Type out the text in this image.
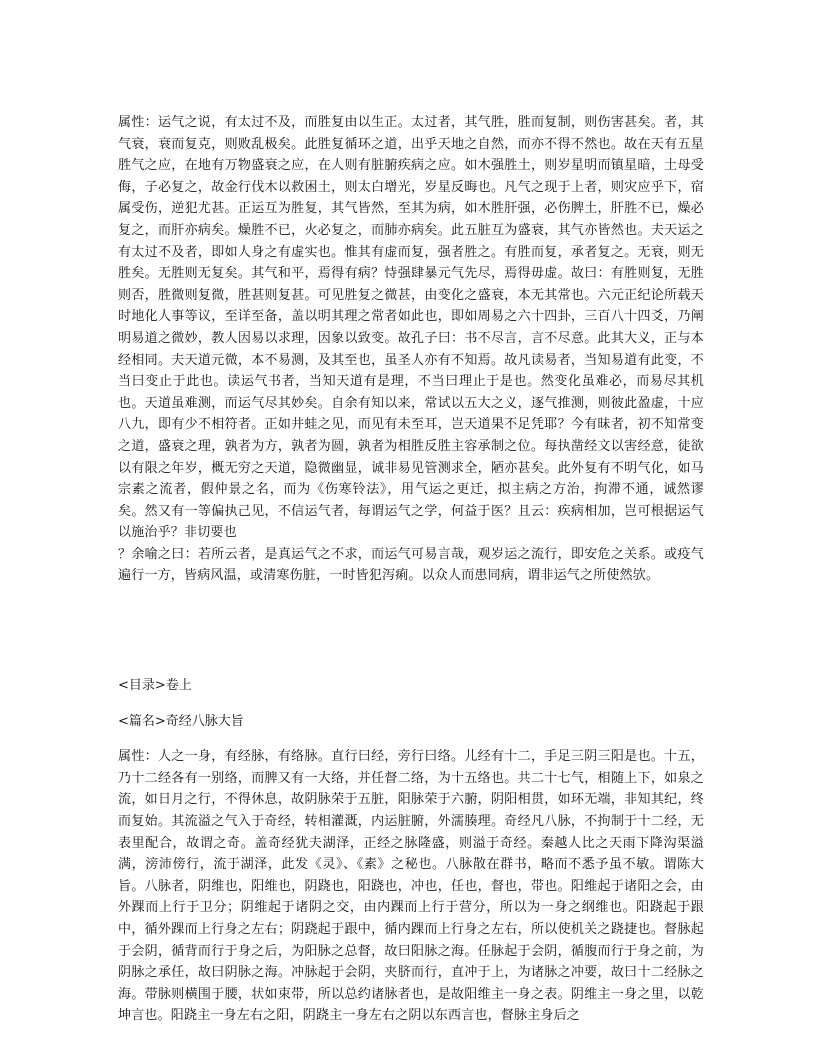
属性：运气之说，有太过不及，而胜复由以生正。太过者，其气胜，胜而复制，则伤害甚矣。者，其气衰，衰而复克，则败乱极矣。此胜复循环之道，出乎天地之自然，而亦不得不然也。故在天有五星胜气之应，在地有万物盛衰之应，在人则有脏腑疾病之应。如木强胜土，则岁星明而镇星暗，土母受侮，子必复之，故金行伐木以救困土，则太白增光，岁星反晦也。凡气之现于上者，则灾应乎下，宿属受伤，逆犯尤甚。正运互为胜复，其气皆然，至其为病，如木胜肝强，必伤脾土，肝胜不已，燥必复之，而肝亦病矣。燥胜不已，火必复之，而肺亦病矣。此五脏互为盛衰，其气亦皆然也。夫天运之有太过不及者，即如人身之有虚实也。惟其有虚而复，强者胜之。有胜而复，承者复之。无衰，则无胜矣。无胜则无复矣。其气和平，焉得有病？恃强肆暴元气先尽，焉得毋虚。故曰：有胜则复，无胜则否，胜微则复微，胜甚则复甚。可见胜复之微甚，由变化之盛衰，本无其常也。六元正纪论所载天时地化人事等议，至详至备，盖以明其理之常者如此也，即如周易之六十四卦，三百八十四爻，乃阐明易道之微妙，教人因易以求理，因象以致变。故孔子曰：书不尽言，言不尽意。此其大义，正与本经相同。夫天道元微，本不易测，及其至也，虽圣人亦有不知焉。故凡读易者，当知易道有此变，不当曰变止于此也。读运气书者，当知天道有是理，不当曰理止于是也。然变化虽难必，而易尽其机也。天道虽难测，而运气尽其妙矣。自余有知以来，常试以五大之义，逐气推测，则彼此盈虚，十应八九，即有少不相符者。正如井蛙之见，而见有未至耳，岂天道果不足凭耶？今有昧者，初不知常变之道，盛衰之理，孰者为方，孰者为圆，孰者为相胜反胜主容承制之位。每执凿经文以害经意，徒欲以有限之年岁，概无穷之天道，隐微幽显，诚非易见管测求全，陋亦甚矣。此外复有不明气化，如马宗素之流者，假仲景之名，而为《伤寒铃法》，用气运之更迁，拟主病之方治，拘滞不通，诚然谬矣。然又有一等偏执己见，不信运气者，每谓运气之学，何益于医？且云：疾病相加，岂可根据运气以施治乎？非切要也

？余喻之曰：若所云者，是真运气之不求，而运气可易言哉，观岁运之流行，即安危之关系。或疫气遍行一方，皆病风温，或清寒伤脏，一时皆犯泻痢。以众人而患同病，谓非运气之所使然欤。

<目录>卷上

<篇名>奇经八脉大旨

属性：人之一身，有经脉，有络脉。直行曰经，旁行曰络。儿经有十二，手足三阴三阳是也。十五，乃十二经各有一别络，而脾又有一大络，并任督二络，为十五络也。共二十七气，相随上下，如泉之流，如日月之行，不得休息，故阴脉荣于五脏，阳脉荣于六腑，阴阳相贯，如环无端，非知其纪，终而复始。其流溢之气入于奇经，转相灌溉，内运脏腑，外濡腠理。奇经凡八脉，不拘制于十二经，无表里配合，故谓之奇。盖奇经犹夫湖泽，正经之脉隆盛，则溢于奇经。秦越人比之天雨下降沟渠溢满，滂沛傍行，流于湖泽，此发《灵》、《素》之秘也。八脉散在群书，略而不悉予虽不敏。谓陈大旨。八脉者，阴维也，阳维也，阴跷也，阳跷也，冲也，任也，督也，带也。阳维起于诸阳之会，由外踝而上行于卫分；阴维起于诸阴之交，由内踝而上行于营分，所以为一身之纲维也。阳跷起于跟中，循外踝而上行身之左右；阴跷起于跟中，循内踝而上行身之左右，所以使机关之跷捷也。督脉起于会阴，循背而行于身之后，为阳脉之总督，故曰阳脉之海。任脉起于会阴，循腹而行于身之前，为阴脉之承任，故曰阴脉之海。冲脉起于会阴，夹脐而行，直冲于上，为诸脉之冲要，故曰十二经脉之海。带脉则横围于腰，状如束带，所以总约诸脉者也，是故阳维主一身之表。阴维主一身之里，以乾坤言也。阳跷主一身左右之阳，阴跷主一身左右之阴以东西言也，督脉主身后之
